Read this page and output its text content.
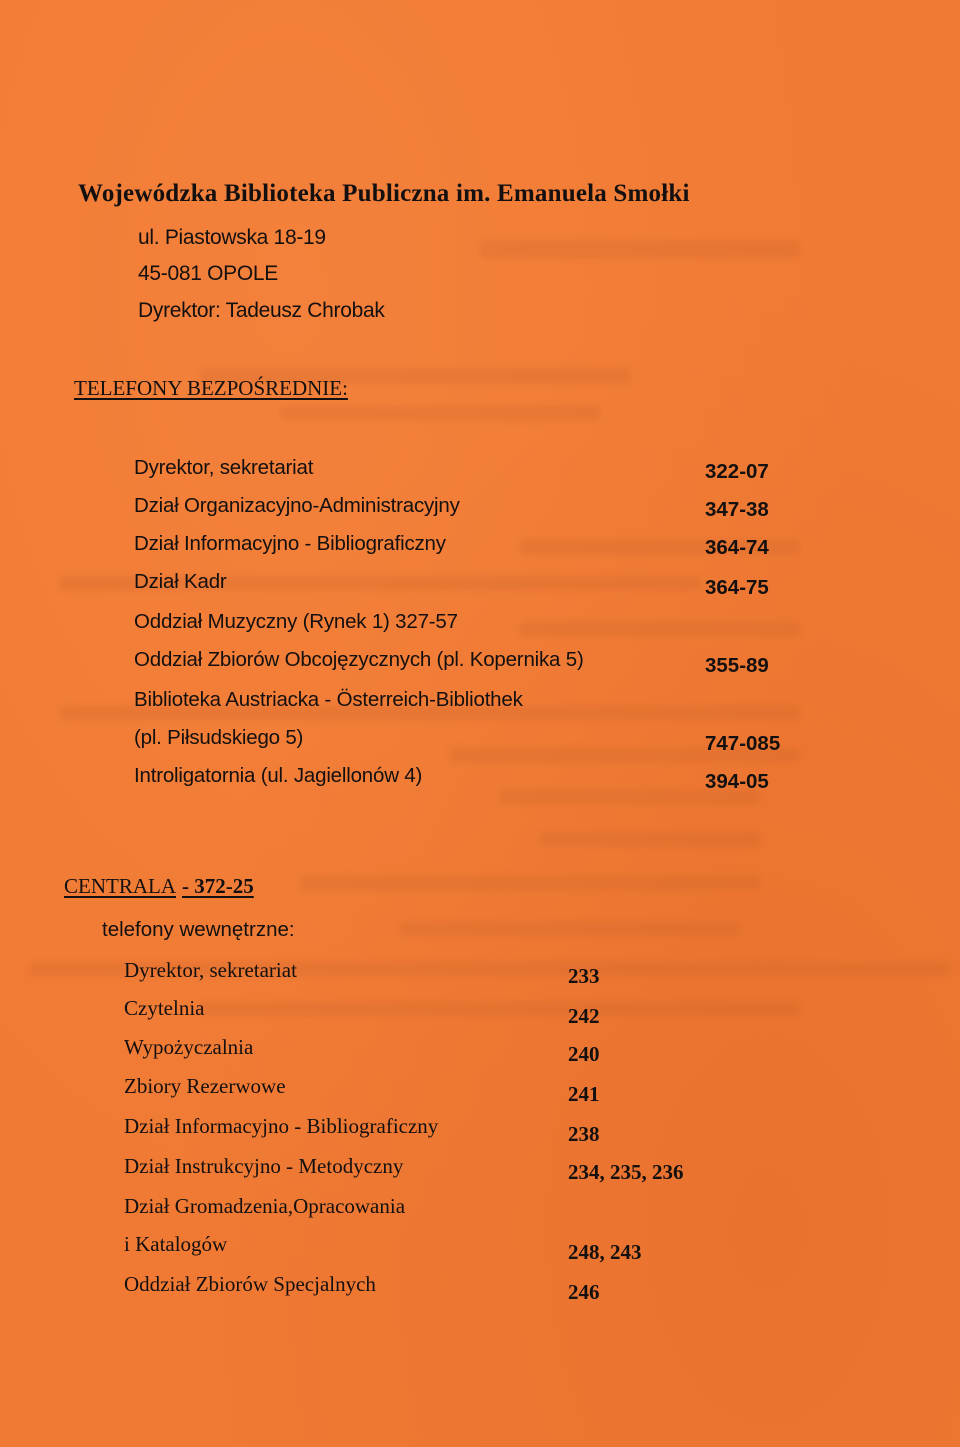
Wojewódzka Biblioteka Publiczna im. Emanuela Smołki
ul. Piastowska 18-19
45-081 OPOLE
Dyrektor: Tadeusz Chrobak
TELEFONY BEZPOŚREDNIE:
Dyrektor, sekretariat	322-07
Dział Organizacyjno-Administracyjny	347-38
Dział Informacyjno - Bibliograficzny	364-74
Dział Kadr	364-75
Oddział Muzyczny (Rynek 1) 327-57
Oddział Zbiorów Obcojęzycznych (pl. Kopernika 5)	355-89
Biblioteka Austriacka - Österreich-Bibliothek
(pl. Piłsudskiego 5)	747-085
Introligatornia (ul. Jagiellonów 4)	394-05
CENTRALA - 372-25
telefony wewnętrzne:
Dyrektor, sekretariat	233
Czytelnia	242
Wypożyczalnia	240
Zbiory Rezerwowe	241
Dział Informacyjno - Bibliograficzny	238
Dział Instrukcyjno - Metodyczny	234, 235, 236
Dział Gromadzenia,Opracowania
i Katalogów	248, 243
Oddział Zbiorów Specjalnych	246
